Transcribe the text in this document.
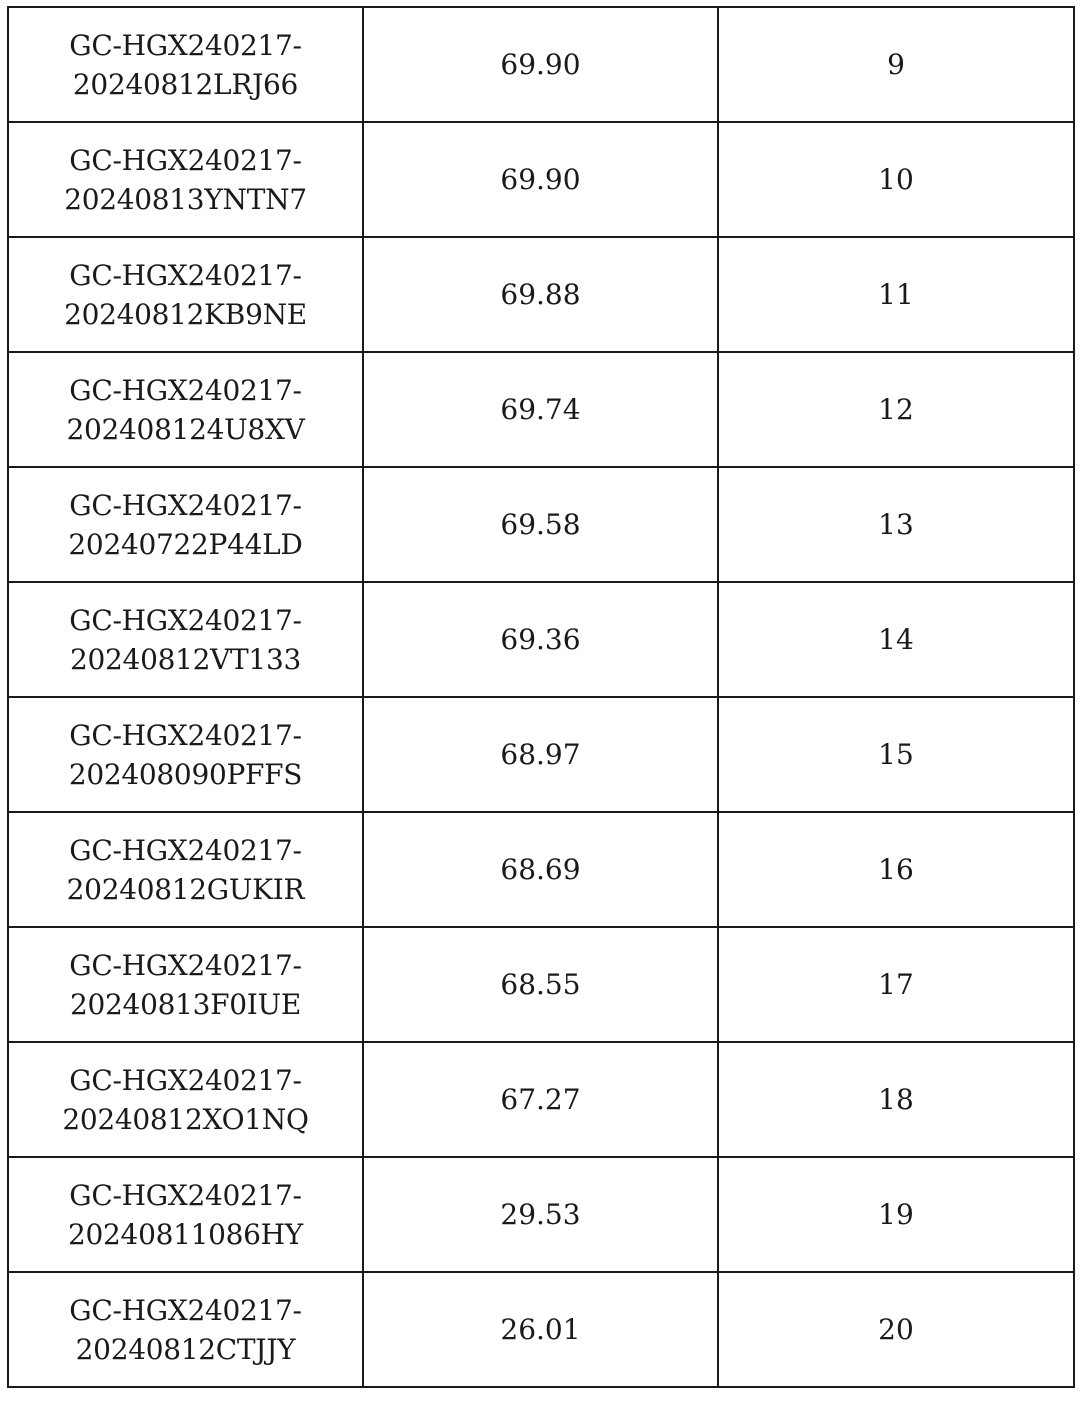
GC-HGX240217-
20240812LRJ66	69.90	9

GC-HGX240217-
20240813YNTN7	69.90	10

GC-HGX240217-
20240812KB9NE	69.88	11

GC-HGX240217-
202408124U8XV	69.74	12

GC-HGX240217-
20240722P44LD	69.58	13

GC-HGX240217-
20240812VT133	69.36	14

GC-HGX240217-
202408090PFFS	68.97	15

GC-HGX240217-
20240812GUKIR	68.69	16

GC-HGX240217-
20240813F0IUE	68.55	17

GC-HGX240217-
20240812XO1NQ	67.27	18

GC-HGX240217-
20240811086HY	29.53	19

GC-HGX240217-
20240812CTJJY	26.01	20
